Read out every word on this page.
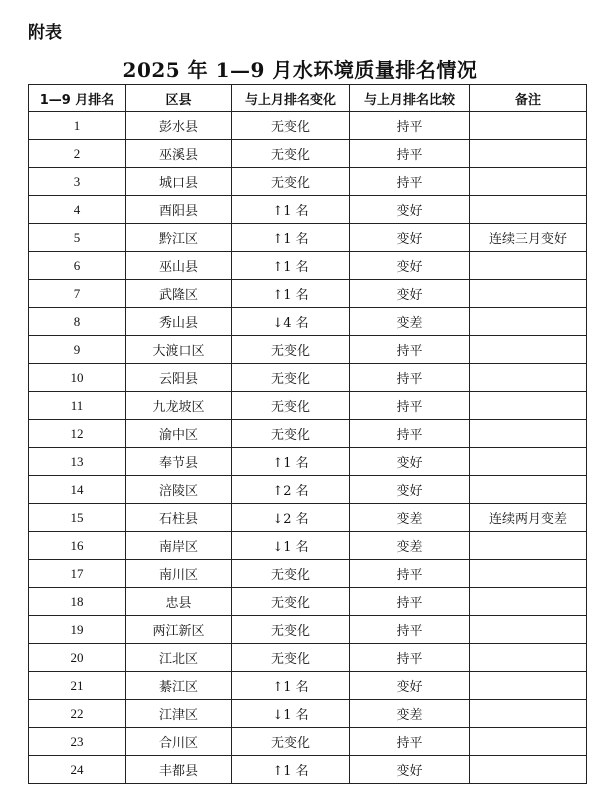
附表
2025 年 1—9 月水环境质量排名情况
1—9 月排名	区县	与上月排名变化	与上月排名比较	备注
1	彭水县	无变化	持平	
2	巫溪县	无变化	持平	
3	城口县	无变化	持平	
4	酉阳县	↑1 名	变好	
5	黔江区	↑1 名	变好	连续三月变好
6	巫山县	↑1 名	变好	
7	武隆区	↑1 名	变好	
8	秀山县	↓4 名	变差	
9	大渡口区	无变化	持平	
10	云阳县	无变化	持平	
11	九龙坡区	无变化	持平	
12	渝中区	无变化	持平	
13	奉节县	↑1 名	变好	
14	涪陵区	↑2 名	变好	
15	石柱县	↓2 名	变差	连续两月变差
16	南岸区	↓1 名	变差	
17	南川区	无变化	持平	
18	忠县	无变化	持平	
19	两江新区	无变化	持平	
20	江北区	无变化	持平	
21	綦江区	↑1 名	变好	
22	江津区	↓1 名	变差	
23	合川区	无变化	持平	
24	丰都县	↑1 名	变好	
